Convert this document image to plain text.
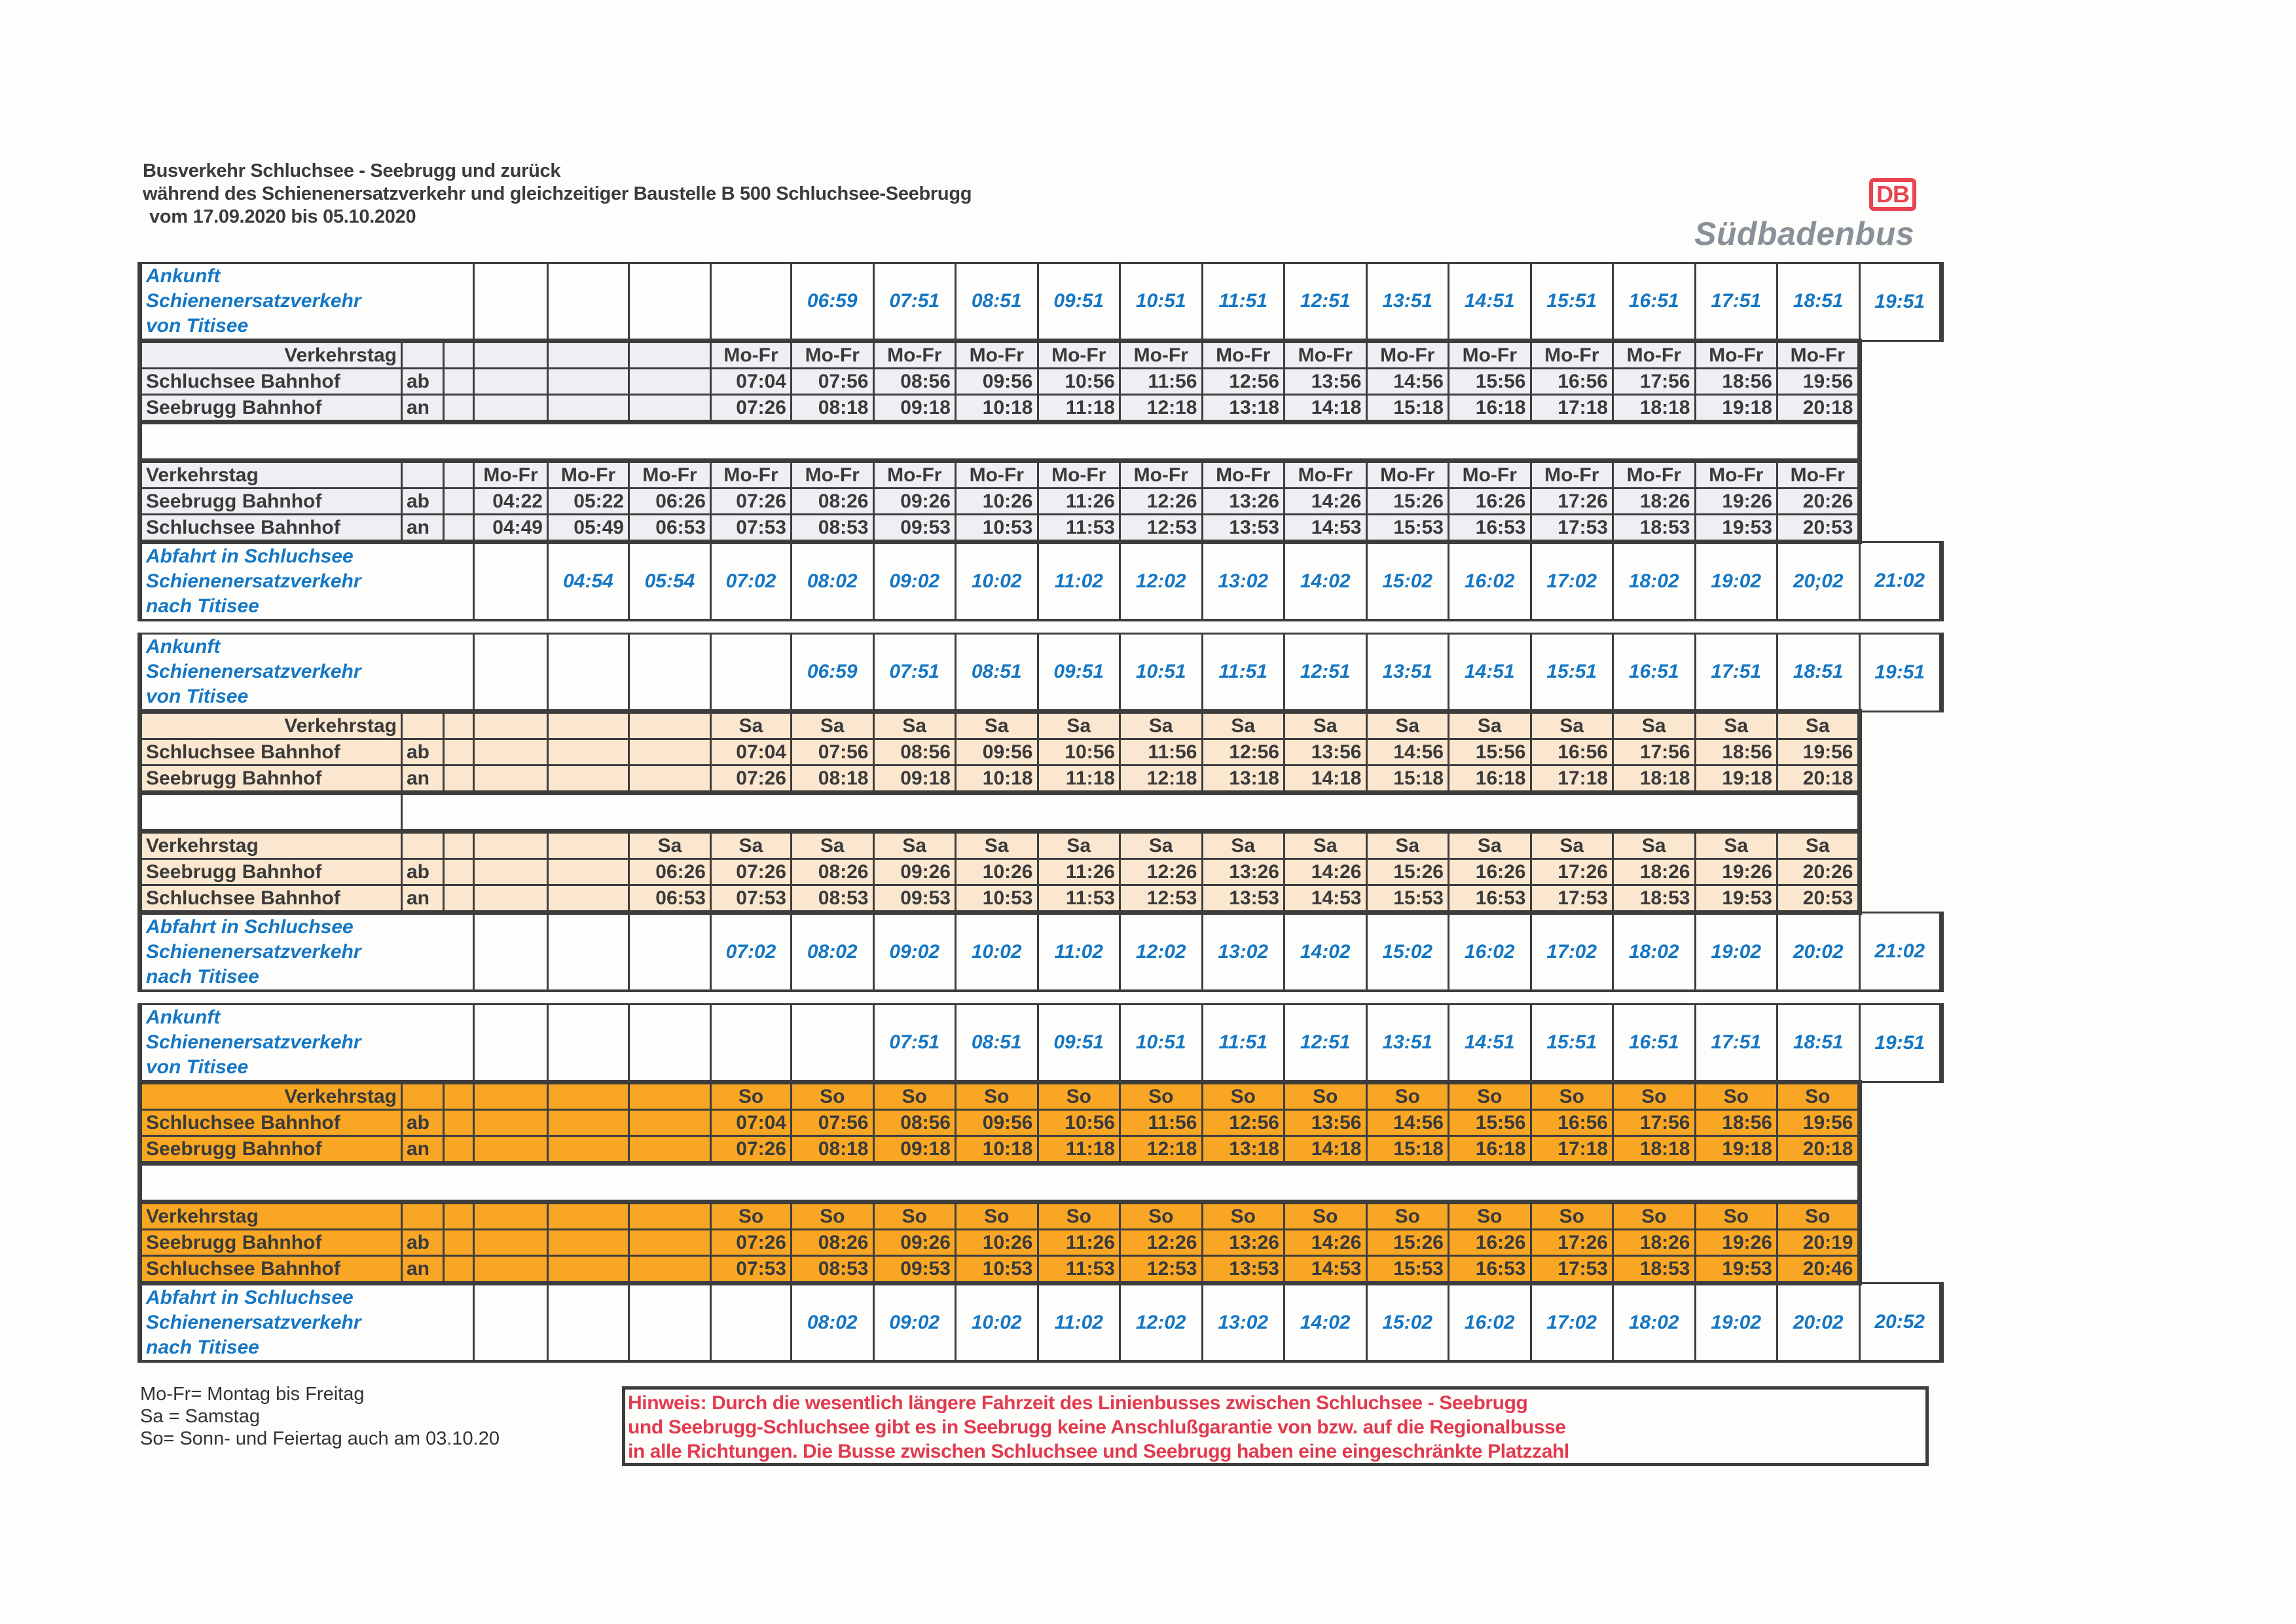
Busverkehr Schluchsee - Seebrugg und zurück
während des Schienenersatzverkehr und gleichzeitiger Baustelle B 500 Schluchsee-Seebrugg
vom 17.09.2020 bis 05.10.2020
DB
Südbadenbus
Ankunft
Schienenersatzverkehr
von Titisee							06:59	07:51	08:51	09:51	10:51	11:51	12:51	13:51	14:51	15:51	16:51	17:51	18:51	19:51
Verkehrstag						Mo-Fr	Mo-Fr	Mo-Fr	Mo-Fr	Mo-Fr	Mo-Fr	Mo-Fr	Mo-Fr	Mo-Fr	Mo-Fr	Mo-Fr	Mo-Fr	Mo-Fr	Mo-Fr	
Schluchsee Bahnhof	ab					07:04	07:56	08:56	09:56	10:56	11:56	12:56	13:56	14:56	15:56	16:56	17:56	18:56	19:56	
Seebrugg Bahnhof	an					07:26	08:18	09:18	10:18	11:18	12:18	13:18	14:18	15:18	16:18	17:18	18:18	19:18	20:18	

Verkehrstag			Mo-Fr	Mo-Fr	Mo-Fr	Mo-Fr	Mo-Fr	Mo-Fr	Mo-Fr	Mo-Fr	Mo-Fr	Mo-Fr	Mo-Fr	Mo-Fr	Mo-Fr	Mo-Fr	Mo-Fr	Mo-Fr	Mo-Fr	
Seebrugg Bahnhof	ab		04:22	05:22	06:26	07:26	08:26	09:26	10:26	11:26	12:26	13:26	14:26	15:26	16:26	17:26	18:26	19:26	20:26	
Schluchsee Bahnhof	an		04:49	05:49	06:53	07:53	08:53	09:53	10:53	11:53	12:53	13:53	14:53	15:53	16:53	17:53	18:53	19:53	20:53	

Abfahrt in Schluchsee
Schienenersatzverkehr
nach Titisee				04:54	05:54	07:02	08:02	09:02	10:02	11:02	12:02	13:02	14:02	15:02	16:02	17:02	18:02	19:02	20;02	21:02
Ankunft
Schienenersatzverkehr
von Titisee							06:59	07:51	08:51	09:51	10:51	11:51	12:51	13:51	14:51	15:51	16:51	17:51	18:51	19:51
Verkehrstag						Sa	Sa	Sa	Sa	Sa	Sa	Sa	Sa	Sa	Sa	Sa	Sa	Sa	Sa	
Schluchsee Bahnhof	ab					07:04	07:56	08:56	09:56	10:56	11:56	12:56	13:56	14:56	15:56	16:56	17:56	18:56	19:56	
Seebrugg Bahnhof	an					07:26	08:18	09:18	10:18	11:18	12:18	13:18	14:18	15:18	16:18	17:18	18:18	19:18	20:18	

Verkehrstag					Sa	Sa	Sa	Sa	Sa	Sa	Sa	Sa	Sa	Sa	Sa	Sa	Sa	Sa	Sa	
Seebrugg Bahnhof	ab				06:26	07:26	08:26	09:26	10:26	11:26	12:26	13:26	14:26	15:26	16:26	17:26	18:26	19:26	20:26	
Schluchsee Bahnhof	an				06:53	07:53	08:53	09:53	10:53	11:53	12:53	13:53	14:53	15:53	16:53	17:53	18:53	19:53	20:53	

Abfahrt in Schluchsee
Schienenersatzverkehr
nach Titisee						07:02	08:02	09:02	10:02	11:02	12:02	13:02	14:02	15:02	16:02	17:02	18:02	19:02	20:02	21:02
Ankunft
Schienenersatzverkehr
von Titisee								07:51	08:51	09:51	10:51	11:51	12:51	13:51	14:51	15:51	16:51	17:51	18:51	19:51
Verkehrstag						So	So	So	So	So	So	So	So	So	So	So	So	So	So	
Schluchsee Bahnhof	ab					07:04	07:56	08:56	09:56	10:56	11:56	12:56	13:56	14:56	15:56	16:56	17:56	18:56	19:56	
Seebrugg Bahnhof	an					07:26	08:18	09:18	10:18	11:18	12:18	13:18	14:18	15:18	16:18	17:18	18:18	19:18	20:18	

Verkehrstag						So	So	So	So	So	So	So	So	So	So	So	So	So	So	
Seebrugg Bahnhof	ab					07:26	08:26	09:26	10:26	11:26	12:26	13:26	14:26	15:26	16:26	17:26	18:26	19:26	20:19	
Schluchsee Bahnhof	an					07:53	08:53	09:53	10:53	11:53	12:53	13:53	14:53	15:53	16:53	17:53	18:53	19:53	20:46	

Abfahrt in Schluchsee
Schienenersatzverkehr
nach Titisee							08:02	09:02	10:02	11:02	12:02	13:02	14:02	15:02	16:02	17:02	18:02	19:02	20:02	20:52
Mo-Fr= Montag bis Freitag
Sa = Samstag
So= Sonn- und Feiertag auch am 03.10.20
Hinweis: Durch die wesentlich längere Fahrzeit des Linienbusses zwischen Schluchsee - Seebrugg
und Seebrugg-Schluchsee gibt es in Seebrugg keine Anschlußgarantie von bzw. auf die Regionalbusse
in alle Richtungen. Die Busse zwischen Schluchsee und Seebrugg haben eine eingeschränkte Platzzahl
